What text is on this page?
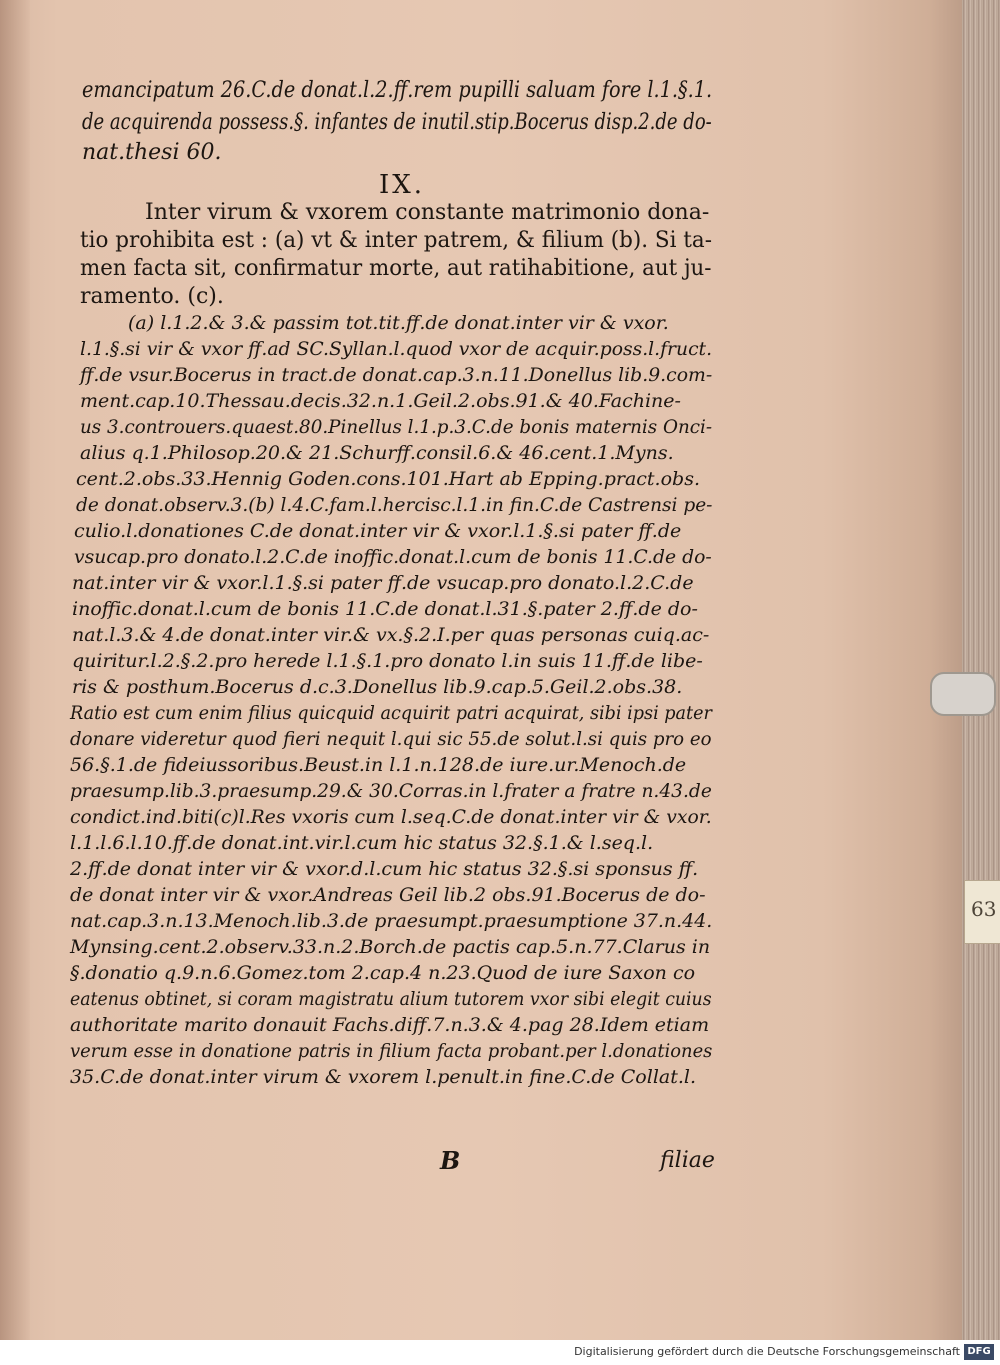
63
emancipatum 26.C.de donat.l.2.ff.rem pupilli saluam fore l.1.§.1.
de acquirenda possess.§. infantes de inutil.stip.Bocerus disp.2.de do-
nat.thesi 60.
IX.
Inter virum & vxorem constante matrimonio dona-
tio prohibita est : (a) vt & inter patrem, & filium (b). Si ta-
men facta sit, confirmatur morte, aut ratihabitione, aut ju-
ramento. (c).
(a) l.1.2.& 3.& passim tot.tit.ff.de donat.inter vir & vxor.
l.1.§.si vir & vxor ff.ad SC.Syllan.l.quod vxor de acquir.poss.l.fruct.
ff.de vsur.Bocerus in tract.de donat.cap.3.n.11.Donellus lib.9.com-
ment.cap.10.Thessau.decis.32.n.1.Geil.2.obs.91.& 40.Fachine-
us 3.controuers.quaest.80.Pinellus l.1.p.3.C.de bonis maternis Onci-
alius q.1.Philosop.20.& 21.Schurff.consil.6.& 46.cent.1.Myns.
cent.2.obs.33.Hennig Goden.cons.101.Hart ab Epping.pract.obs.
de donat.observ.3.(b) l.4.C.fam.l.hercisc.l.1.in fin.C.de Castrensi pe-
culio.l.donationes C.de donat.inter vir & vxor.l.1.§.si pater ff.de
vsucap.pro donato.l.2.C.de inoffic.donat.l.cum de bonis 11.C.de do-
nat.inter vir & vxor.l.1.§.si pater ff.de vsucap.pro donato.l.2.C.de
inoffic.donat.l.cum de bonis 11.C.de donat.l.31.§.pater 2.ff.de do-
nat.l.3.& 4.de donat.inter vir.& vx.§.2.I.per quas personas cuiq.ac-
quiritur.l.2.§.2.pro herede l.1.§.1.pro donato l.in suis 11.ff.de libe-
ris & posthum.Bocerus d.c.3.Donellus lib.9.cap.5.Geil.2.obs.38.
Ratio est cum enim filius quicquid acquirit patri acquirat, sibi ipsi pater
donare videretur quod fieri nequit l.qui sic 55.de solut.l.si quis pro eo
56.§.1.de fideiussoribus.Beust.in l.1.n.128.de iure.ur.Menoch.de
praesump.lib.3.praesump.29.& 30.Corras.in l.frater a fratre n.43.de
condict.ind.biti(c)l.Res vxoris cum l.seq.C.de donat.inter vir & vxor.
l.1.l.6.l.10.ff.de donat.int.vir.l.cum hic status 32.§.1.& l.seq.l.
2.ff.de donat inter vir & vxor.d.l.cum hic status 32.§.si sponsus ff.
de donat inter vir & vxor.Andreas Geil lib.2 obs.91.Bocerus de do-
nat.cap.3.n.13.Menoch.lib.3.de praesumpt.praesumptione 37.n.44.
Mynsing.cent.2.observ.33.n.2.Borch.de pactis cap.5.n.77.Clarus in
§.donatio q.9.n.6.Gomez.tom 2.cap.4 n.23.Quod de iure Saxon co
eatenus obtinet, si coram magistratu alium tutorem vxor sibi elegit cuius
authoritate marito donauit Fachs.diff.7.n.3.& 4.pag 28.Idem etiam
verum esse in donatione patris in filium facta probant.per l.donationes
35.C.de donat.inter virum & vxorem l.penult.in fine.C.de Collat.l.
B	filiae
Digitalisierung gefördert durch die Deutsche Forschungsgemeinschaft DFG
